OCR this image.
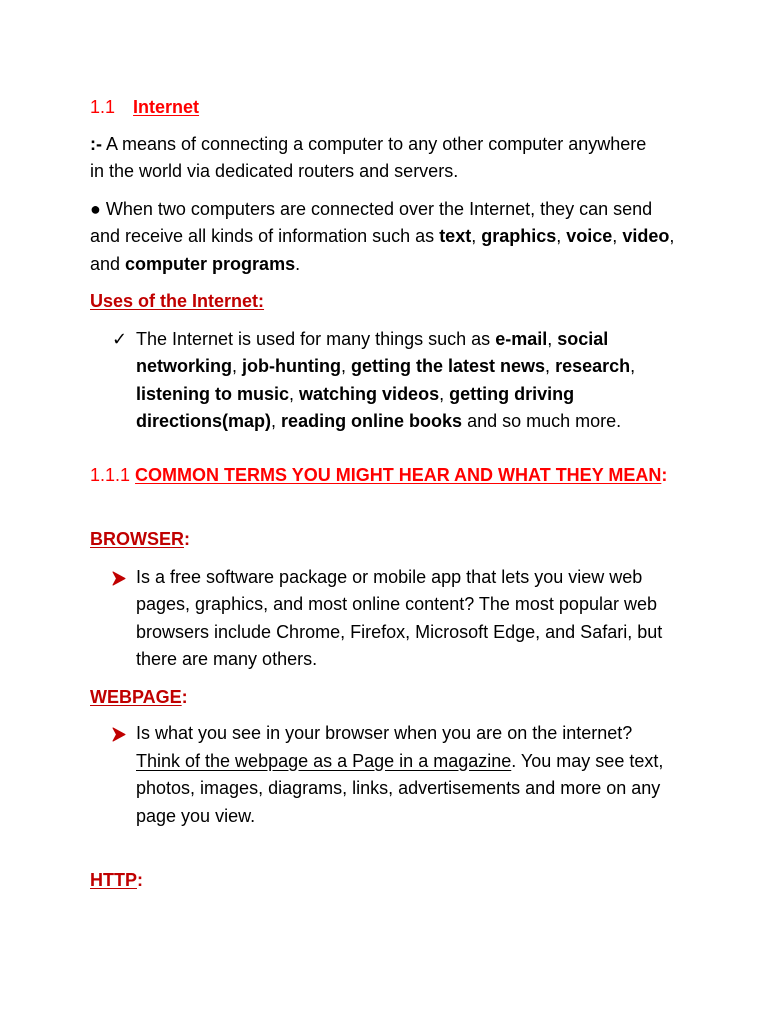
1.1 Internet

:- A means of connecting a computer to any other computer anywhere
in the world via dedicated routers and servers.

● When two computers are connected over the Internet, they can send
and receive all kinds of information such as text, graphics, voice, video,
and computer programs.

Uses of the Internet:

✓ The Internet is used for many things such as e-mail, social networking, job-hunting, getting the latest news, research, listening to music, watching videos, getting driving directions(map), reading online books and so much more.

1.1.1 COMMON TERMS YOU MIGHT HEAR AND WHAT THEY MEAN:

BROWSER:

Is a free software package or mobile app that lets you view web pages, graphics, and most online content? The most popular web browsers include Chrome, Firefox, Microsoft Edge, and Safari, but there are many others.

WEBPAGE:

Is what you see in your browser when you are on the internet? Think of the webpage as a Page in a magazine. You may see text, photos, images, diagrams, links, advertisements and more on any page you view.

HTTP:
